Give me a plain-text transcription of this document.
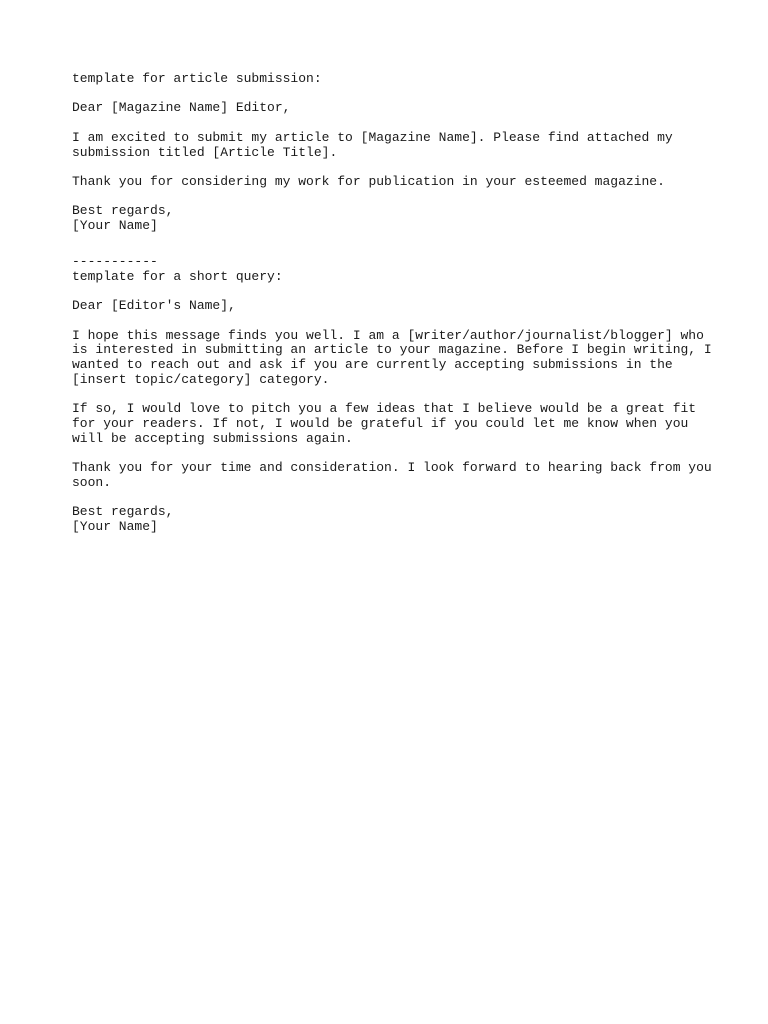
template for article submission:
Dear [Magazine Name] Editor,
I am excited to submit my article to [Magazine Name]. Please find attached my
submission titled [Article Title].
Thank you for considering my work for publication in your esteemed magazine.
Best regards,
[Your Name]
-----------
template for a short query:
Dear [Editor's Name],
I hope this message finds you well. I am a [writer/author/journalist/blogger] who
is interested in submitting an article to your magazine. Before I begin writing, I
wanted to reach out and ask if you are currently accepting submissions in the
[insert topic/category] category.
If so, I would love to pitch you a few ideas that I believe would be a great fit
for your readers. If not, I would be grateful if you could let me know when you
will be accepting submissions again.
Thank you for your time and consideration. I look forward to hearing back from you
soon.
Best regards,
[Your Name]
